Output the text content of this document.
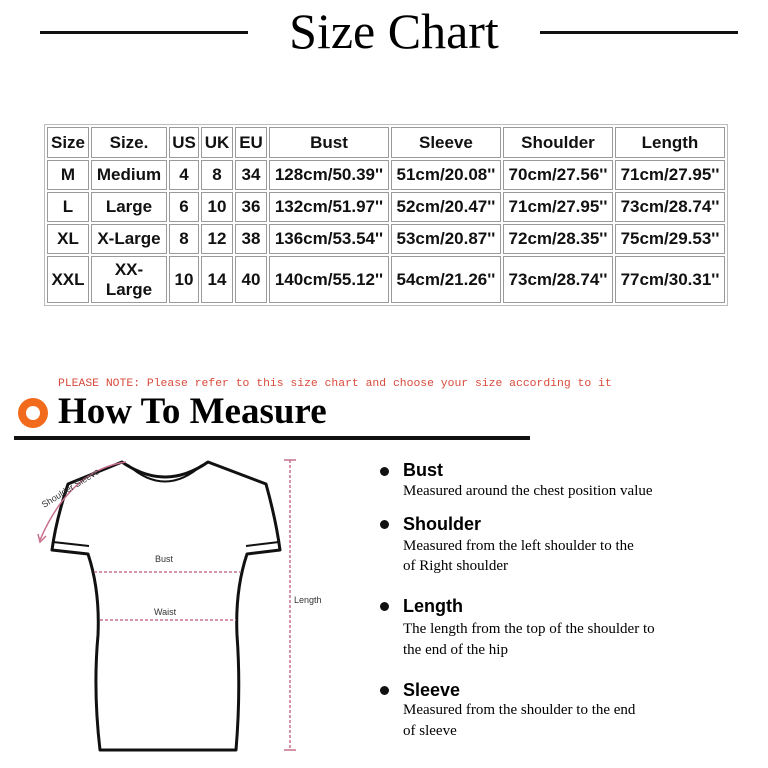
Size Chart
Size	Size.	US	UK	EU	Bust	Sleeve	Shoulder	Length
M	Medium	4	8	34	128cm/50.39''	51cm/20.08''	70cm/27.56''	71cm/27.95''
L	Large	6	10	36	132cm/51.97''	52cm/20.47''	71cm/27.95''	73cm/28.74''
XL	X-Large	8	12	38	136cm/53.54''	53cm/20.87''	72cm/28.35''	75cm/29.53''
XXL	XX-Large	10	14	40	140cm/55.12''	54cm/21.26''	73cm/28.74''	77cm/30.31''
PLEASE NOTE: Please refer to this size chart and choose your size according to it
How To Measure
Shoulder Sleeve
Bust
Waist
Length
Bust
Measured around the chest position value
Shoulder
Measured from the left shoulder to the
of Right shoulder
Length
The length from the top of the shoulder to
the end of the hip
Sleeve
Measured from the shoulder to the end
of sleeve
